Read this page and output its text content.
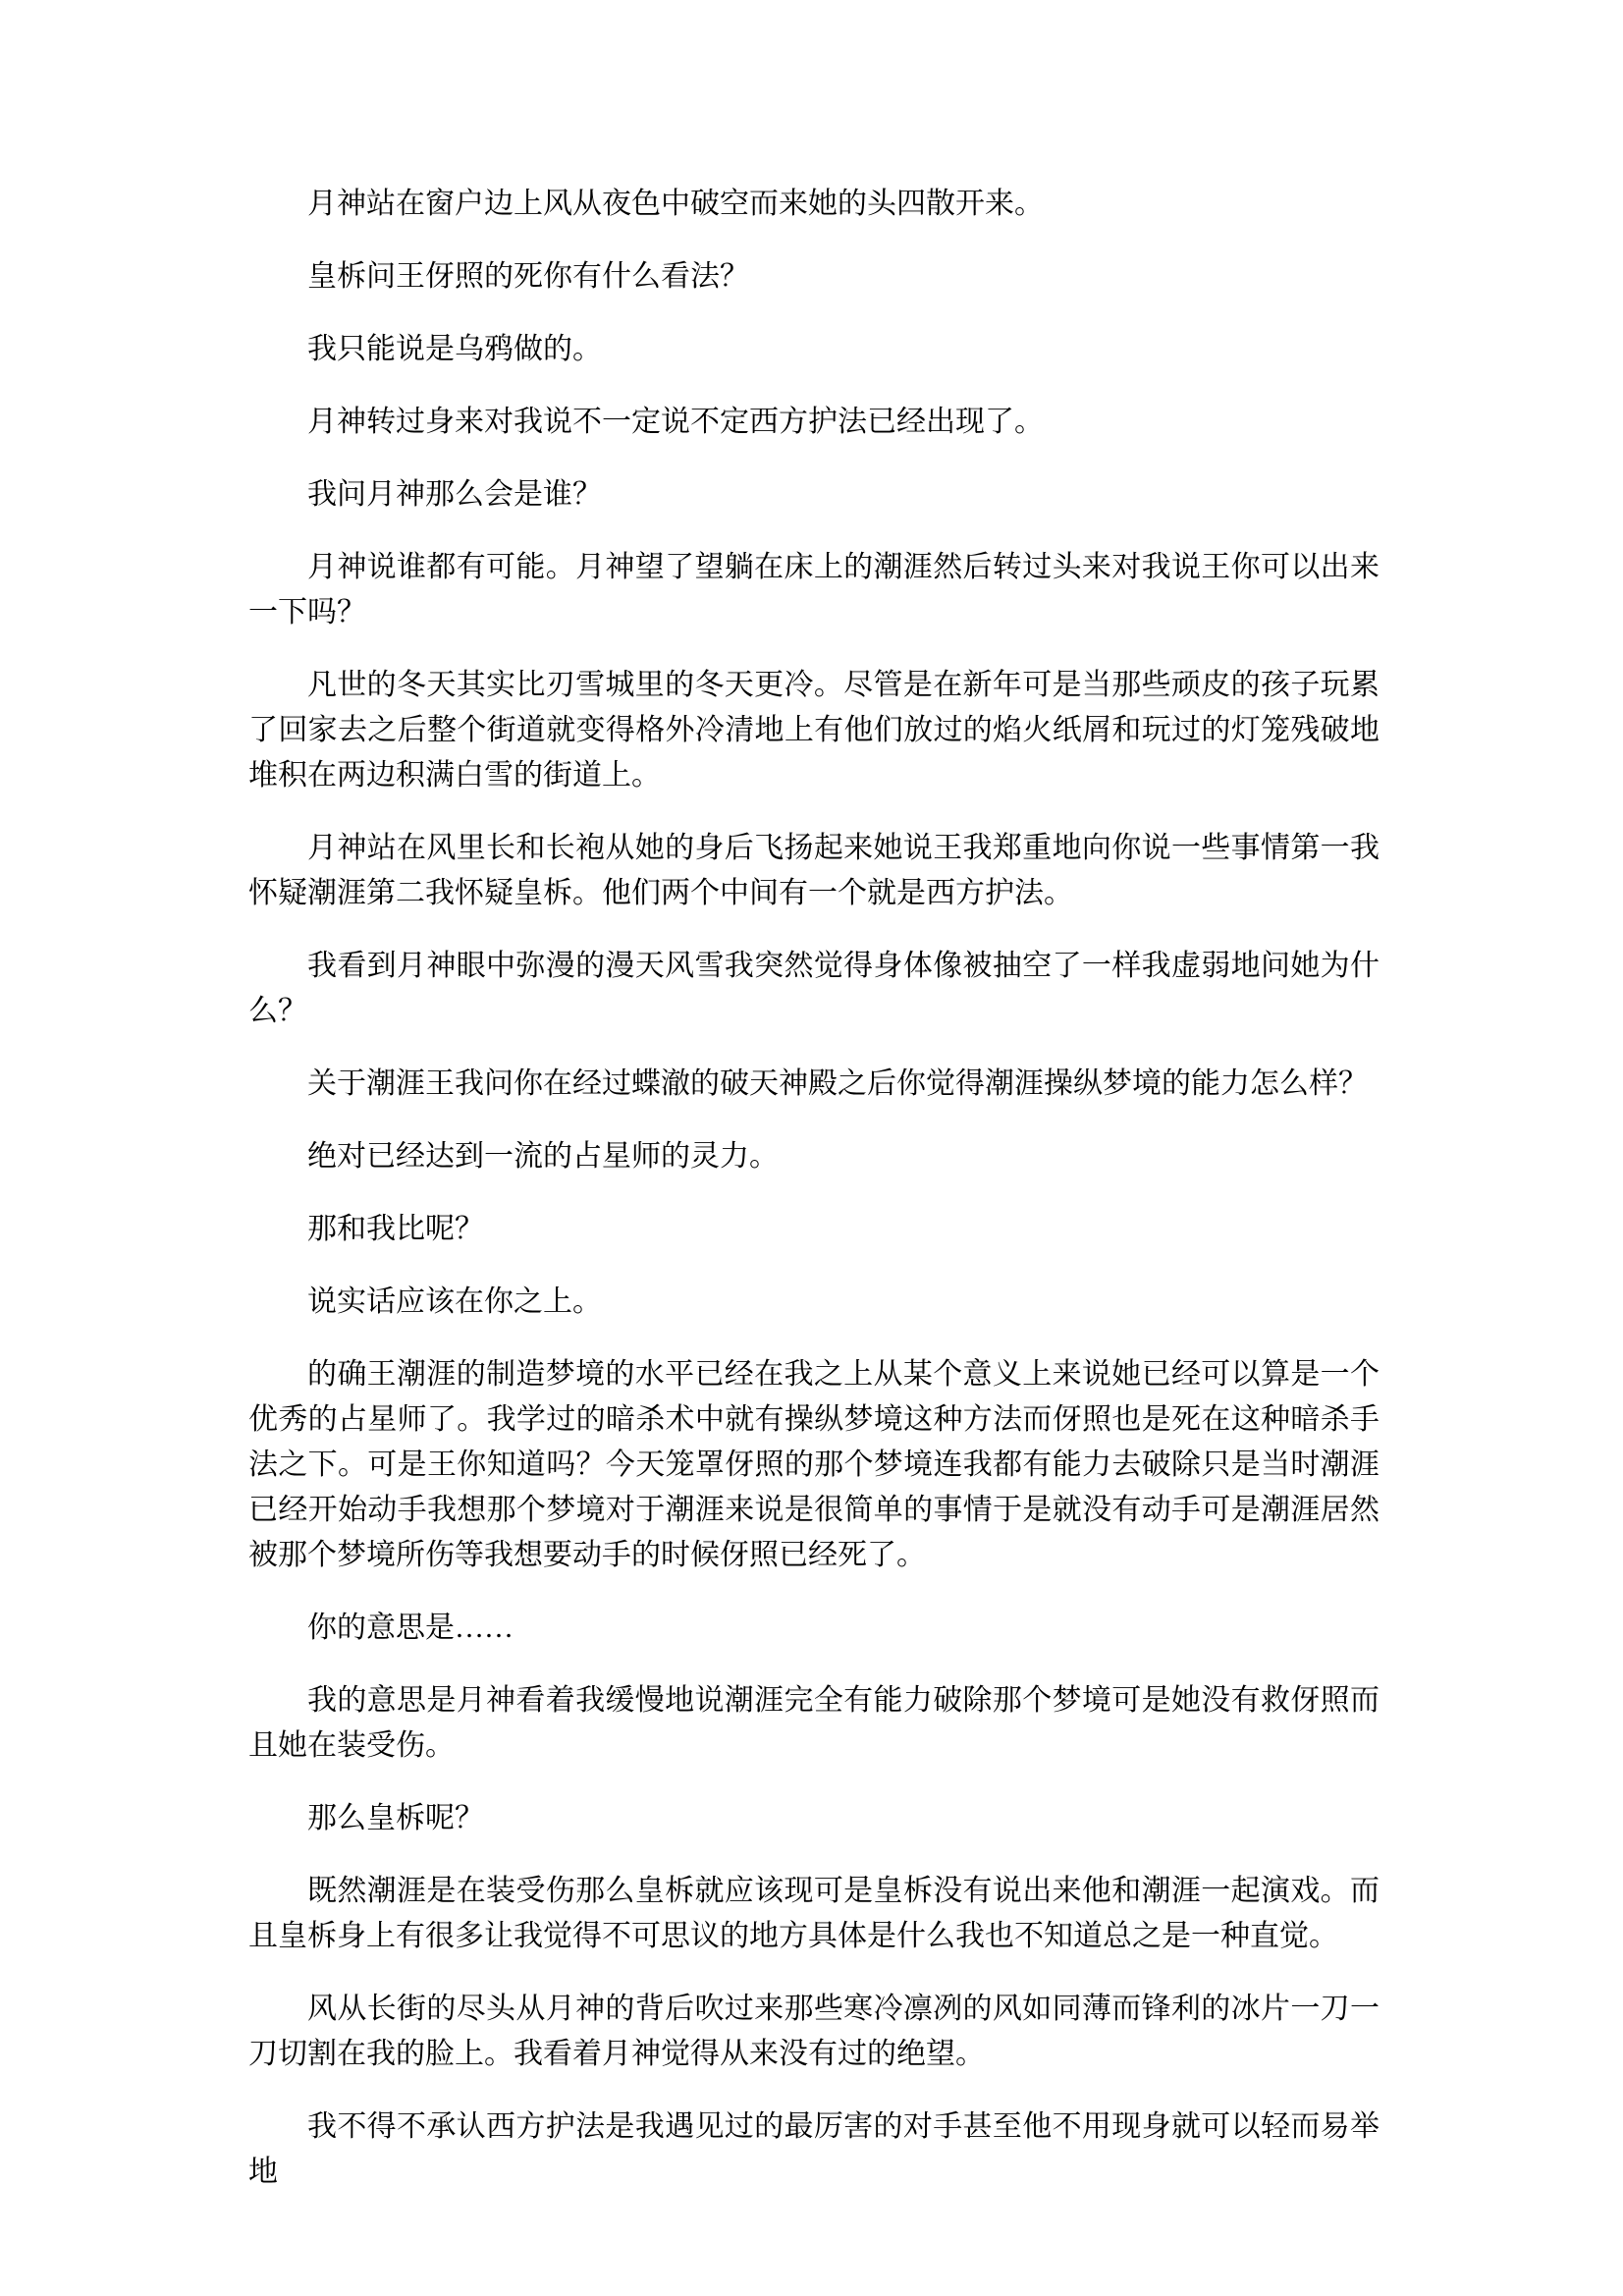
月神站在窗户边上风从夜色中破空而来她的头四散开来。

皇柝问王伢照的死你有什么看法？

我只能说是乌鸦做的。

月神转过身来对我说不一定说不定西方护法已经出现了。

我问月神那么会是谁？

月神说谁都有可能。月神望了望躺在床上的潮涯然后转过头来对我说王你可以出来一下吗？

凡世的冬天其实比刃雪城里的冬天更冷。尽管是在新年可是当那些顽皮的孩子玩累了回家去之后整个街道就变得格外冷清地上有他们放过的焰火纸屑和玩过的灯笼残破地堆积在两边积满白雪的街道上。

月神站在风里长和长袍从她的身后飞扬起来她说王我郑重地向你说一些事情第一我怀疑潮涯第二我怀疑皇柝。他们两个中间有一个就是西方护法。

我看到月神眼中弥漫的漫天风雪我突然觉得身体像被抽空了一样我虚弱地问她为什么？

关于潮涯王我问你在经过蝶澈的破天神殿之后你觉得潮涯操纵梦境的能力怎么样？

绝对已经达到一流的占星师的灵力。

那和我比呢？

说实话应该在你之上。

的确王潮涯的制造梦境的水平已经在我之上从某个意义上来说她已经可以算是一个优秀的占星师了。我学过的暗杀术中就有操纵梦境这种方法而伢照也是死在这种暗杀手法之下。可是王你知道吗？今天笼罩伢照的那个梦境连我都有能力去破除只是当时潮涯已经开始动手我想那个梦境对于潮涯来说是很简单的事情于是就没有动手可是潮涯居然被那个梦境所伤等我想要动手的时候伢照已经死了。

你的意思是……

我的意思是月神看着我缓慢地说潮涯完全有能力破除那个梦境可是她没有救伢照而且她在装受伤。

那么皇柝呢？

既然潮涯是在装受伤那么皇柝就应该现可是皇柝没有说出来他和潮涯一起演戏。而且皇柝身上有很多让我觉得不可思议的地方具体是什么我也不知道总之是一种直觉。

风从长街的尽头从月神的背后吹过来那些寒冷凛冽的风如同薄而锋利的冰片一刀一刀切割在我的脸上。我看着月神觉得从来没有过的绝望。

我不得不承认西方护法是我遇见过的最厉害的对手甚至他不用现身就可以轻而易举地
